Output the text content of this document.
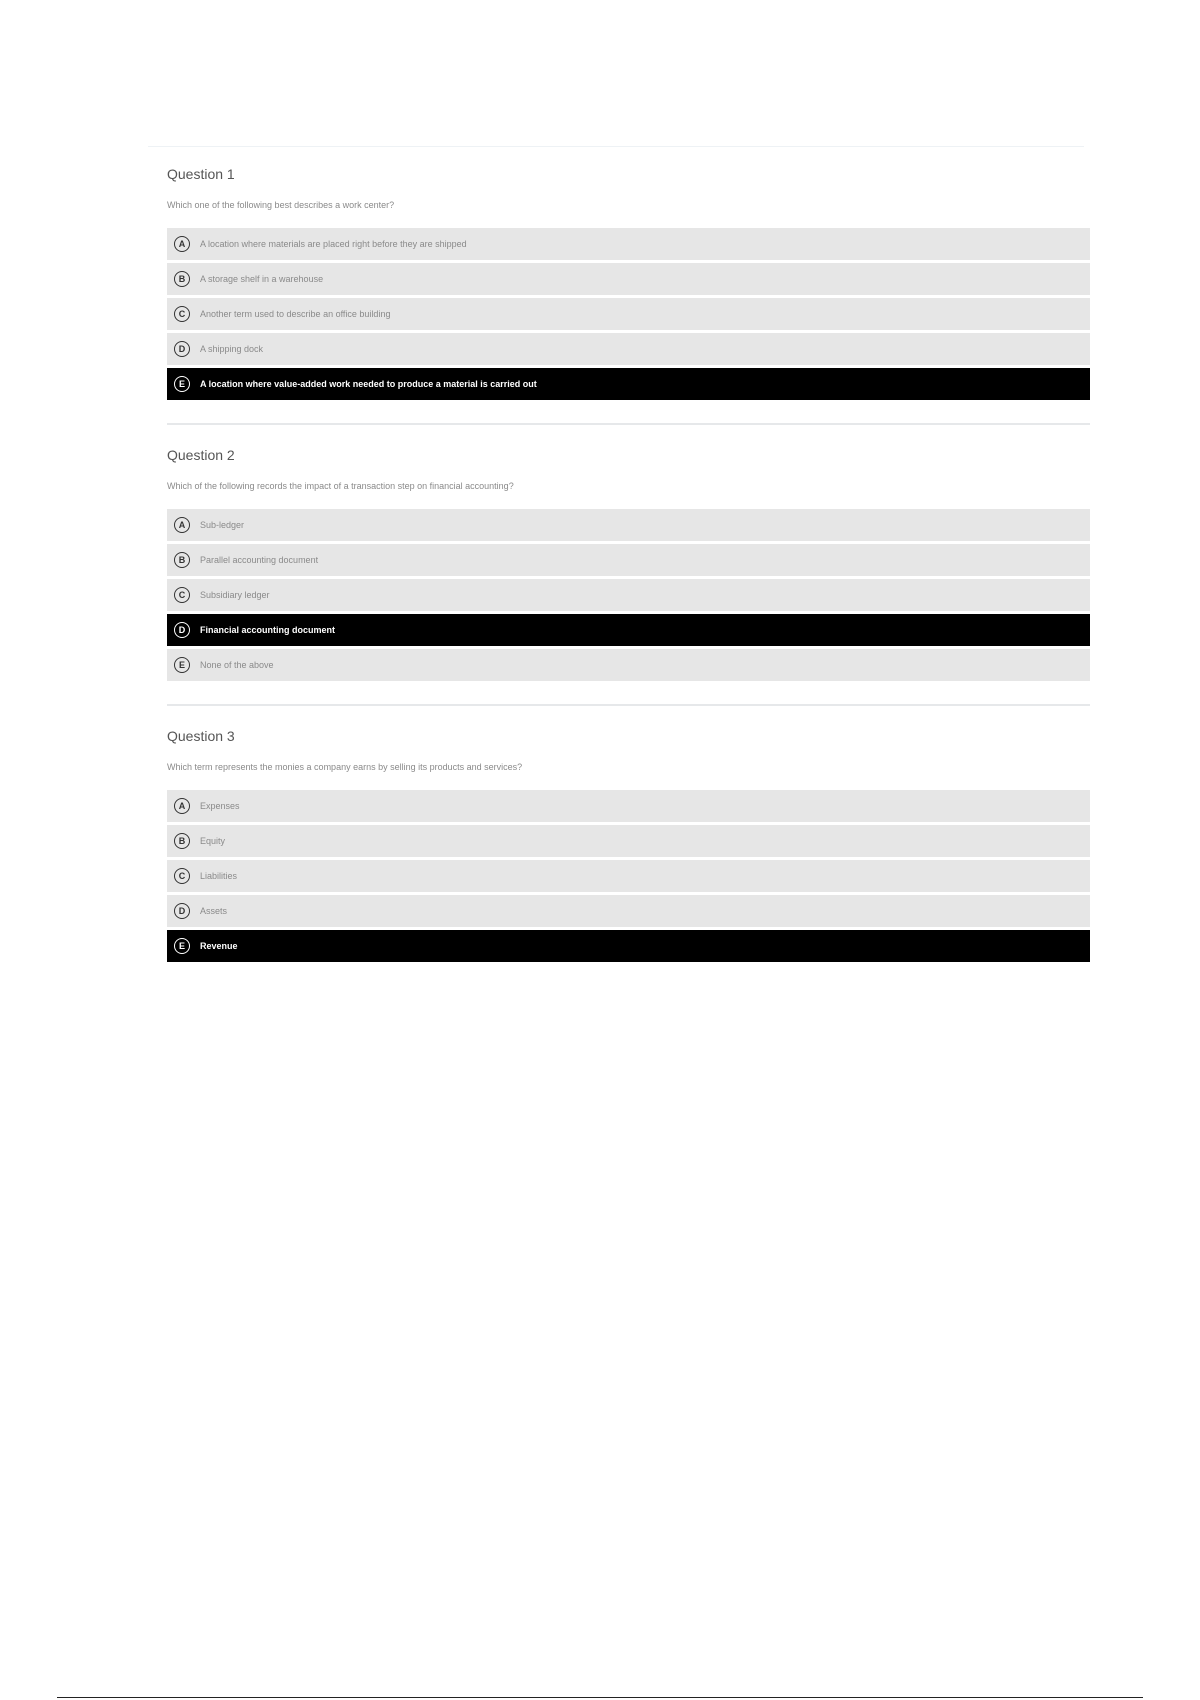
Question 1
Which one of the following best describes a work center?
A	A location where materials are placed right before they are shipped
B	A storage shelf in a warehouse
C	Another term used to describe an office building
D	A shipping dock
E	A location where value-added work needed to produce a material is carried out
Question 2
Which of the following records the impact of a transaction step on financial accounting?
A	Sub-ledger
B	Parallel accounting document
C	Subsidiary ledger
D	Financial accounting document
E	None of the above
Question 3
Which term represents the monies a company earns by selling its products and services?
A	Expenses
B	Equity
C	Liabilities
D	Assets
E	Revenue
